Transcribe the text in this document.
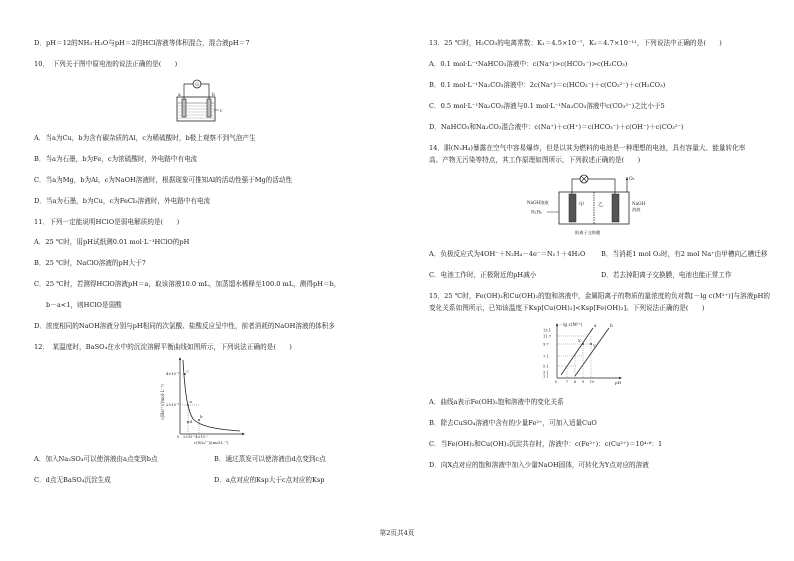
D．pH＝12的NH₃·H₂O与pH＝2的HCl溶液等体积混合，混合液pH＝7
10．　下列关于图中原电池的说法正确的是(　　)
G
a	b
c
A．当a为Cu，b为含有碳杂质的Al，c为稀硫酸时，b极上观察不到气泡产生
B．当a为石墨，b为Fe，c为浓硫酸时，外电路中有电流
C．当a为Mg，b为Al，c为NaOH溶液时，根据现象可推知Al的活动性强于Mg的活动性
D．当a为石墨，b为Cu，c为FeCl₃溶液时，外电路中有电流
11．下列一定能说明HClO是弱电解质的是(　　)
A．25 ℃时，用pH试纸测0.01 mol·L⁻¹HClO的pH
B．25 ℃时，NaClO溶液的pH大于7
C．25 ℃时，若测得HClO溶液pH＝a，取该溶液10.0 mL，加蒸馏水稀释至100.0 mL，测得pH＝b，
b－a<1，则HClO是弱酸
D．浓度相同的NaOH溶液分别与pH相同的次氯酸、盐酸反应呈中性，前者消耗的NaOH溶液的体积多
12．　某温度时，BaSO₄在水中的沉淀溶解平衡曲线如图所示，下列说法正确的是(　　)
c(Ba²⁺)/(mol·L⁻¹)
4×10⁻⁵
2×10⁻⁵
a
b
c
d
0 2×10⁻⁵4×10⁻⁵
c(SO₄²⁻)/(mol·L⁻¹)
A．加入Na₂SO₄可以使溶液由a点变到b点	B．通过蒸发可以使溶液由d点变到c点
C．d点无BaSO₄沉淀生成	D．a点对应的Ksp大于c点对应的Ksp
13．25 ℃时，H₂CO₃的电离常数：K₁＝4.5×10⁻⁷，K₂＝4.7×10⁻¹¹，下列说法中正确的是(　　)
A．0.1 mol·L⁻¹NaHCO₃溶液中：c(Na⁺)>c(HCO₃⁻)>c(H₂CO₃)
B．0.1 mol·L⁻¹Na₂CO₃溶液中：2c(Na⁺)＝c(HCO₃⁻)＋c(CO₃²⁻)＋c(H₂CO₃)
C．0.5 mol·L⁻¹Na₂CO₃溶液与0.1 mol·L⁻¹Na₂CO₃溶液中c(CO₃²⁻)之比小于5
D．NaHCO₃和Na₂CO₃混合液中：c(Na⁺)＋c(H⁺)＝c(HCO₃⁻)＋c(OH⁻)＋c(CO₃²⁻)
14．肼(N₂H₄)暴露在空气中容易爆炸，但是以其为燃料的电池是一种理想的电池，具有容量大、能量转化率
高、产物无污染等特点，其工作原理如图所示，下列叙述正确的是(　　)
O₂
甲	乙
NaOH溶液
N₂H₄
NaOH
溶液
阳离子交换膜
A．负极反应式为4OH⁻＋N₂H₄－4e⁻＝N₂↑＋4H₂O B．当消耗1 mol O₂时，有2 mol Na⁺由甲槽向乙槽迁移
C．电池工作时，正极附近的pH减小	D．若去掉阳离子交换膜，电池也能正常工作
15．25 ℃时，Fe(OH)₂和Cu(OH)₂的饱和溶液中，金属阳离子的物质的量浓度的负对数[－lg c(M²⁺)]与溶液pH的
变化关系如图所示，已知该温度下Ksp[Cu(OH)₂]<Ksp[Fe(OH)₂]。下列说法正确的是(　　)
－lg c(M²⁺)
13.1
11.7
9.7
7.1
5.1
3.1
1.1
0 7 8 9 10
a	b
X
Y
pH
A．曲线a表示Fe(OH)₂饱和溶液中的变化关系
B．除去CuSO₄溶液中含有的少量Fe²⁺，可加入适量CuO
C．当Fe(OH)₂和Cu(OH)₂沉淀共存时，溶液中：c(Fe²⁺)：c(Cu²⁺)＝10⁴·⁶：1
D．向X点对应的饱和溶液中加入少量NaOH固体，可转化为Y点对应的溶液
第2页共4页
